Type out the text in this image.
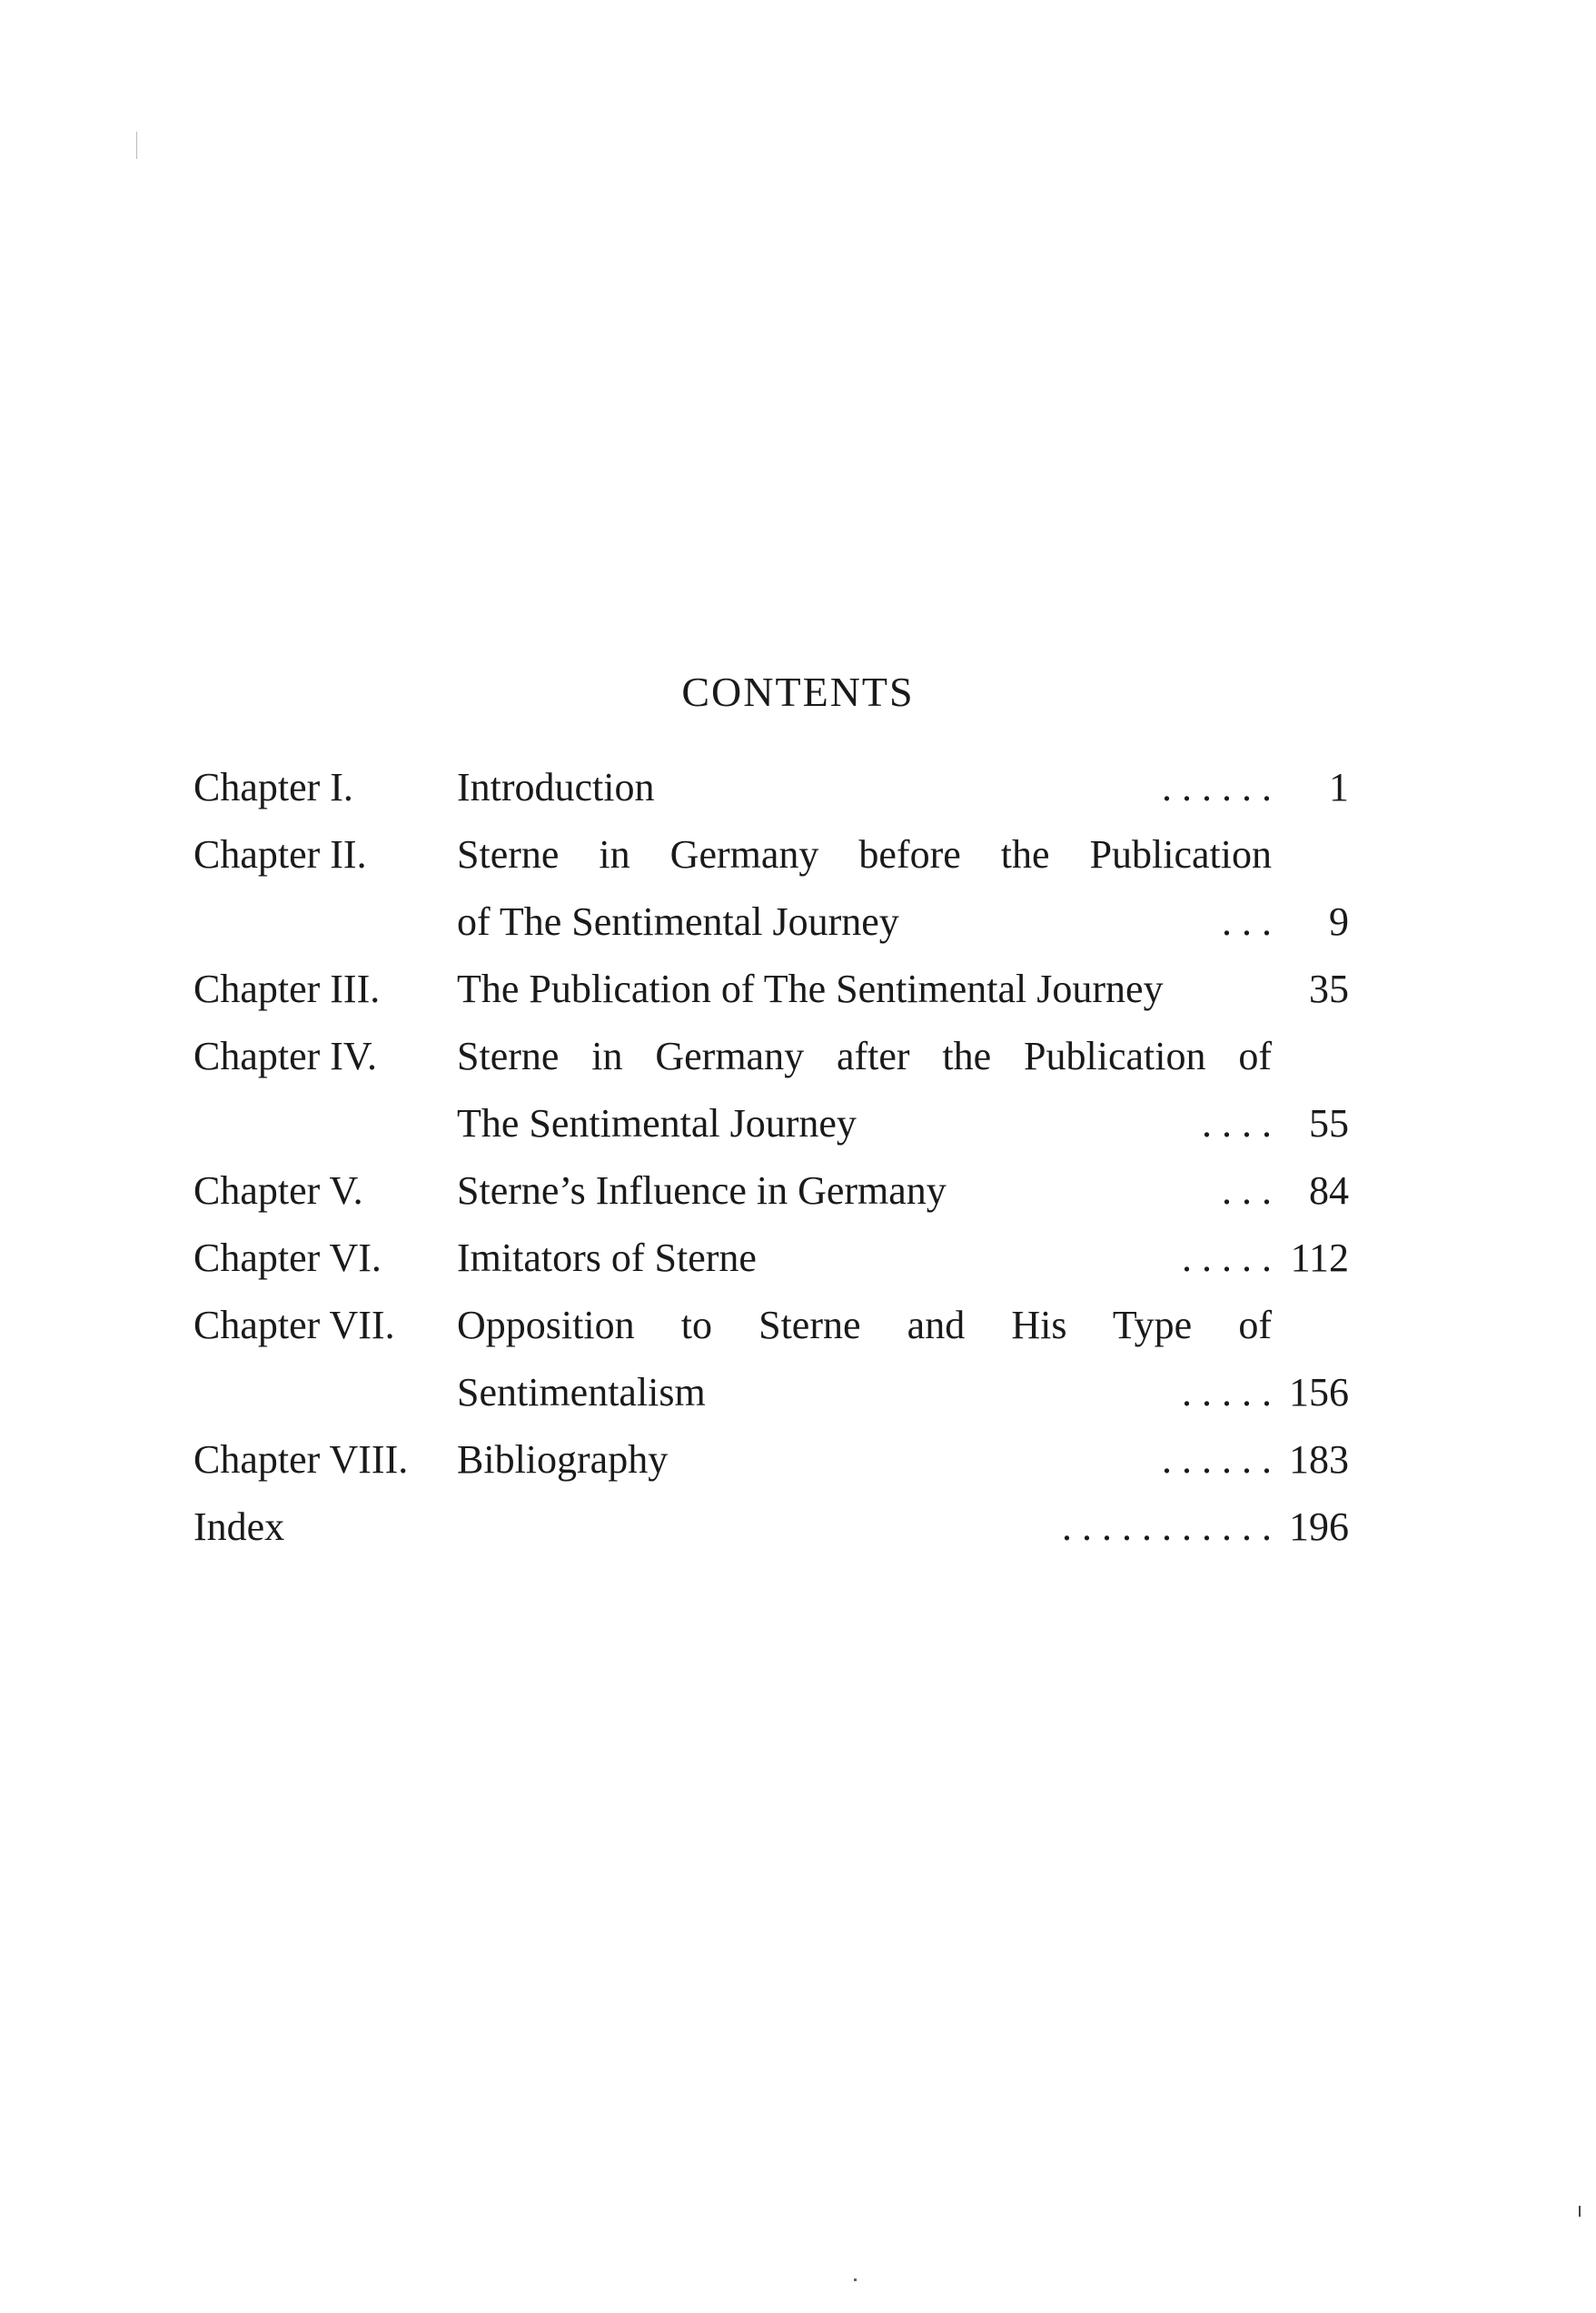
CONTENTS
Chapter I.	Introduction	. . . . . . 1
Chapter II. Sterne in Germany before the Publication
of The Sentimental Journey	. . . 9
Chapter III. The Publication of The Sentimental Journey	35
Chapter IV. Sterne in Germany after the Publication of
The Sentimental Journey	. . . . 55
Chapter V. Sterne’s Influence in Germany	. . . 84
Chapter VI. Imitators of Sterne	. . . . . 112
Chapter VII. Opposition to Sterne and His Type of
Sentimentalism	. . . . . 156
Chapter VIII. Bibliography	. . . . . . 183
Index	. . . . . . . . . . . 196
